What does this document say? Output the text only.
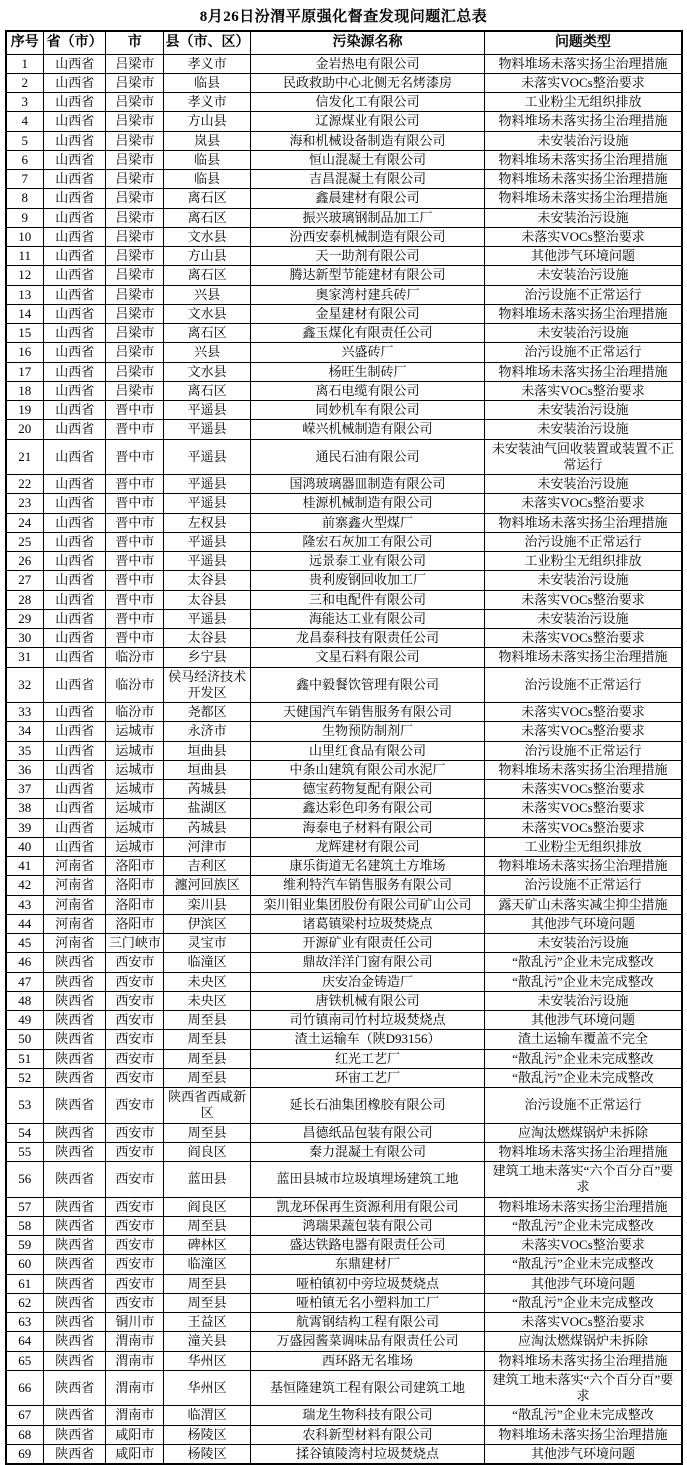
8月26日汾渭平原强化督查发现问题汇总表
序号	省（市）	市	县（市、区）	污染源名称	问题类型
1	山西省	吕梁市	孝义市	金岩热电有限公司	物料堆场未落实扬尘治理措施
2	山西省	吕梁市	临县	民政救助中心北侧无名烤漆房	未落实VOCs整治要求
3	山西省	吕梁市	孝义市	信发化工有限公司	工业粉尘无组织排放
4	山西省	吕梁市	方山县	辽源煤业有限公司	物料堆场未落实扬尘治理措施
5	山西省	吕梁市	岚县	海和机械设备制造有限公司	未安装治污设施
6	山西省	吕梁市	临县	恒山混凝土有限公司	物料堆场未落实扬尘治理措施
7	山西省	吕梁市	临县	吉昌混凝土有限公司	物料堆场未落实扬尘治理措施
8	山西省	吕梁市	离石区	鑫晨建材有限公司	物料堆场未落实扬尘治理措施
9	山西省	吕梁市	离石区	振兴玻璃钢制品加工厂	未安装治污设施
10	山西省	吕梁市	文水县	汾西安泰机械制造有限公司	未落实VOCs整治要求
11	山西省	吕梁市	方山县	天一助剂有限公司	其他涉气环境问题
12	山西省	吕梁市	离石区	腾达新型节能建材有限公司	未安装治污设施
13	山西省	吕梁市	兴县	奥家湾村建兵砖厂	治污设施不正常运行
14	山西省	吕梁市	文水县	金星建材有限公司	物料堆场未落实扬尘治理措施
15	山西省	吕梁市	离石区	鑫玉煤化有限责任公司	未安装治污设施
16	山西省	吕梁市	兴县	兴盛砖厂	治污设施不正常运行
17	山西省	吕梁市	文水县	杨旺生制砖厂	物料堆场未落实扬尘治理措施
18	山西省	吕梁市	离石区	离石电缆有限公司	未落实VOCs整治要求
19	山西省	晋中市	平遥县	同妙机车有限公司	未安装治污设施
20	山西省	晋中市	平遥县	嵘兴机械制造有限公司	未安装治污设施
21	山西省	晋中市	平遥县	通民石油有限公司	未安装油气回收装置或装置不正常运行
22	山西省	晋中市	平遥县	国鸿玻璃器皿制造有限公司	未安装治污设施
23	山西省	晋中市	平遥县	桂源机械制造有限公司	未落实VOCs整治要求
24	山西省	晋中市	左权县	前寨鑫火型煤厂	物料堆场未落实扬尘治理措施
25	山西省	晋中市	平遥县	隆宏石灰加工有限公司	治污设施不正常运行
26	山西省	晋中市	平遥县	远景泰工业有限公司	工业粉尘无组织排放
27	山西省	晋中市	太谷县	贵利废钢回收加工厂	未安装治污设施
28	山西省	晋中市	太谷县	三和电配件有限公司	未落实VOCs整治要求
29	山西省	晋中市	平遥县	海能达工业有限公司	未安装治污设施
30	山西省	晋中市	太谷县	龙昌泰科技有限责任公司	未落实VOCs整治要求
31	山西省	临汾市	乡宁县	文星石料有限公司	物料堆场未落实扬尘治理措施
32	山西省	临汾市	侯马经济技术开发区	鑫中毅餐饮管理有限公司	治污设施不正常运行
33	山西省	临汾市	尧都区	天健国汽车销售服务有限公司	未落实VOCs整治要求
34	山西省	运城市	永济市	生物预防制剂厂	未落实VOCs整治要求
35	山西省	运城市	垣曲县	山里红食品有限公司	治污设施不正常运行
36	山西省	运城市	垣曲县	中条山建筑有限公司水泥厂	物料堆场未落实扬尘治理措施
37	山西省	运城市	芮城县	德宝药物复配有限公司	未落实VOCs整治要求
38	山西省	运城市	盐湖区	鑫达彩色印务有限公司	未落实VOCs整治要求
39	山西省	运城市	芮城县	海泰电子材料有限公司	未落实VOCs整治要求
40	山西省	运城市	河津市	龙辉建材有限公司	工业粉尘无组织排放
41	河南省	洛阳市	吉利区	康乐街道无名建筑土方堆场	物料堆场未落实扬尘治理措施
42	河南省	洛阳市	瀍河回族区	维利特汽车销售服务有限公司	治污设施不正常运行
43	河南省	洛阳市	栾川县	栾川钼业集团股份有限公司矿山公司	露天矿山未落实减尘抑尘措施
44	河南省	洛阳市	伊滨区	诸葛镇梁村垃圾焚烧点	其他涉气环境问题
45	河南省	三门峡市	灵宝市	开源矿业有限责任公司	未安装治污设施
46	陕西省	西安市	临潼区	鼎故洋洋门窗有限公司	“散乱污”企业未完成整改
47	陕西省	西安市	未央区	庆安冶金铸造厂	“散乱污”企业未完成整改
48	陕西省	西安市	未央区	唐铁机械有限公司	未安装治污设施
49	陕西省	西安市	周至县	司竹镇南司竹村垃圾焚烧点	其他涉气环境问题
50	陕西省	西安市	周至县	渣土运输车（陕D93156）	渣土运输车覆盖不完全
51	陕西省	西安市	周至县	红光工艺厂	“散乱污”企业未完成整改
52	陕西省	西安市	周至县	环宙工艺厂	“散乱污”企业未完成整改
53	陕西省	西安市	陕西省西咸新区	延长石油集团橡胶有限公司	治污设施不正常运行
54	陕西省	西安市	周至县	昌德纸品包装有限公司	应淘汰燃煤锅炉未拆除
55	陕西省	西安市	阎良区	秦力混凝土有限公司	物料堆场未落实扬尘治理措施
56	陕西省	西安市	蓝田县	蓝田县城市垃圾填埋场建筑工地	建筑工地未落实“六个百分百”要求
57	陕西省	西安市	阎良区	凯龙环保再生资源利用有限公司	物料堆场未落实扬尘治理措施
58	陕西省	西安市	周至县	鸿瑞果蔬包装有限公司	“散乱污”企业未完成整改
59	陕西省	西安市	碑林区	盛达铁路电器有限责任公司	未落实VOCs整治要求
60	陕西省	西安市	临潼区	东鼎建材厂	“散乱污”企业未完成整改
61	陕西省	西安市	周至县	哑柏镇初中旁垃圾焚烧点	其他涉气环境问题
62	陕西省	西安市	周至县	哑柏镇无名小塑料加工厂	“散乱污”企业未完成整改
63	陕西省	铜川市	王益区	航霄钢结构工程有限公司	未落实VOCs整治要求
64	陕西省	渭南市	潼关县	万盛园酱菜调味品有限责任公司	应淘汰燃煤锅炉未拆除
65	陕西省	渭南市	华州区	西环路无名堆场	物料堆场未落实扬尘治理措施
66	陕西省	渭南市	华州区	基恒隆建筑工程有限公司建筑工地	建筑工地未落实“六个百分百”要求
67	陕西省	渭南市	临渭区	瑞龙生物科技有限公司	“散乱污”企业未完成整改
68	陕西省	咸阳市	杨陵区	农科新型材料有限公司	物料堆场未落实扬尘治理措施
69	陕西省	咸阳市	杨陵区	揉谷镇陵湾村垃圾焚烧点	其他涉气环境问题
